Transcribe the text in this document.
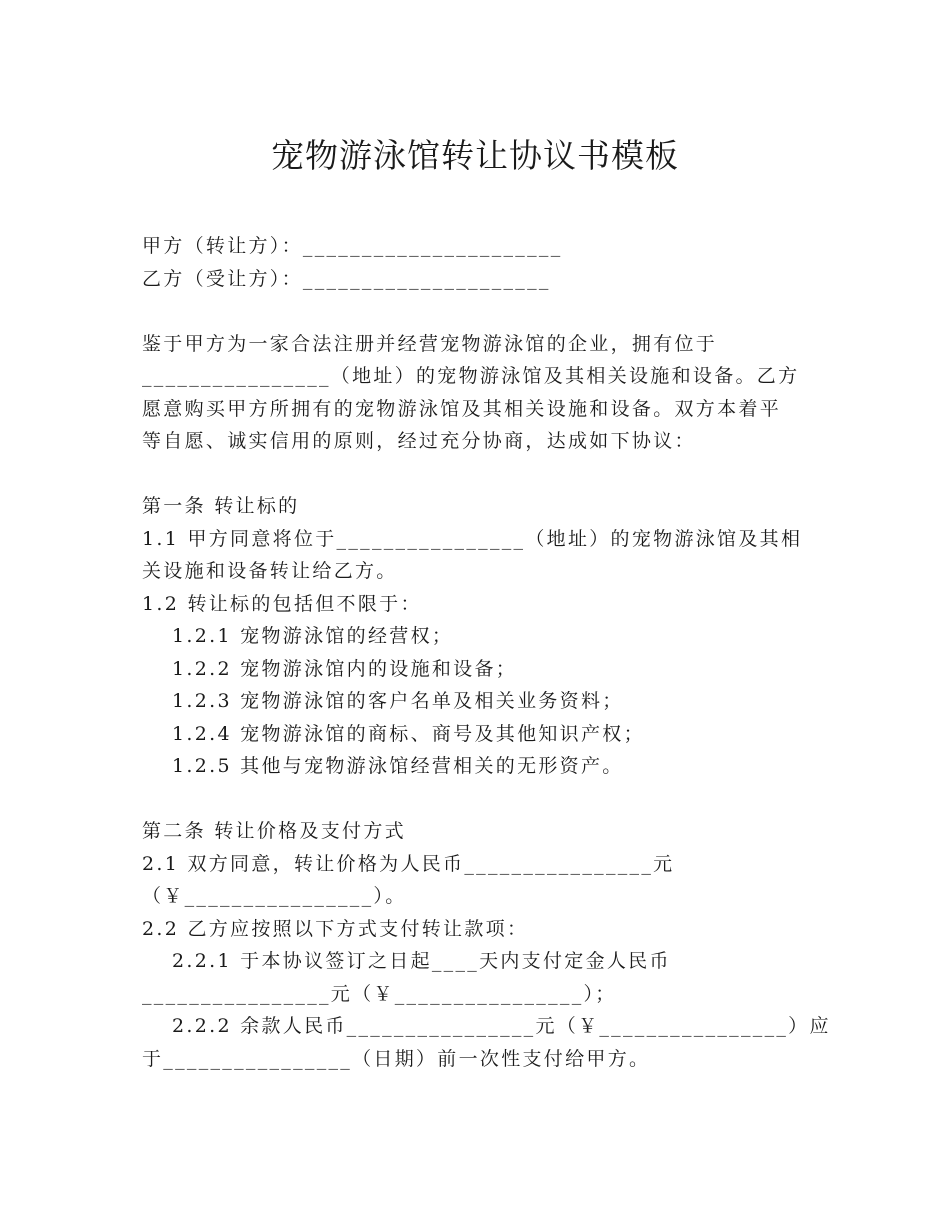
宠物游泳馆转让协议书模板

甲方（转让方）：______________________

乙方（受让方）：_____________________

鉴于甲方为一家合法注册并经营宠物游泳馆的企业，拥有位于

________________（地址）的宠物游泳馆及其相关设施和设备。乙方

愿意购买甲方所拥有的宠物游泳馆及其相关设施和设备。双方本着平

等自愿、诚实信用的原则，经过充分协商，达成如下协议：

第一条 转让标的

1.1 甲方同意将位于________________（地址）的宠物游泳馆及其相

关设施和设备转让给乙方。

1.2 转让标的包括但不限于：

1.2.1 宠物游泳馆的经营权；

1.2.2 宠物游泳馆内的设施和设备；

1.2.3 宠物游泳馆的客户名单及相关业务资料；

1.2.4 宠物游泳馆的商标、商号及其他知识产权；

1.2.5 其他与宠物游泳馆经营相关的无形资产。

第二条 转让价格及支付方式

2.1 双方同意，转让价格为人民币________________元

（￥________________）。

2.2 乙方应按照以下方式支付转让款项：

2.2.1 于本协议签订之日起____天内支付定金人民币

________________元（￥________________）；

2.2.2 余款人民币________________元（￥________________）应

于________________（日期）前一次性支付给甲方。
